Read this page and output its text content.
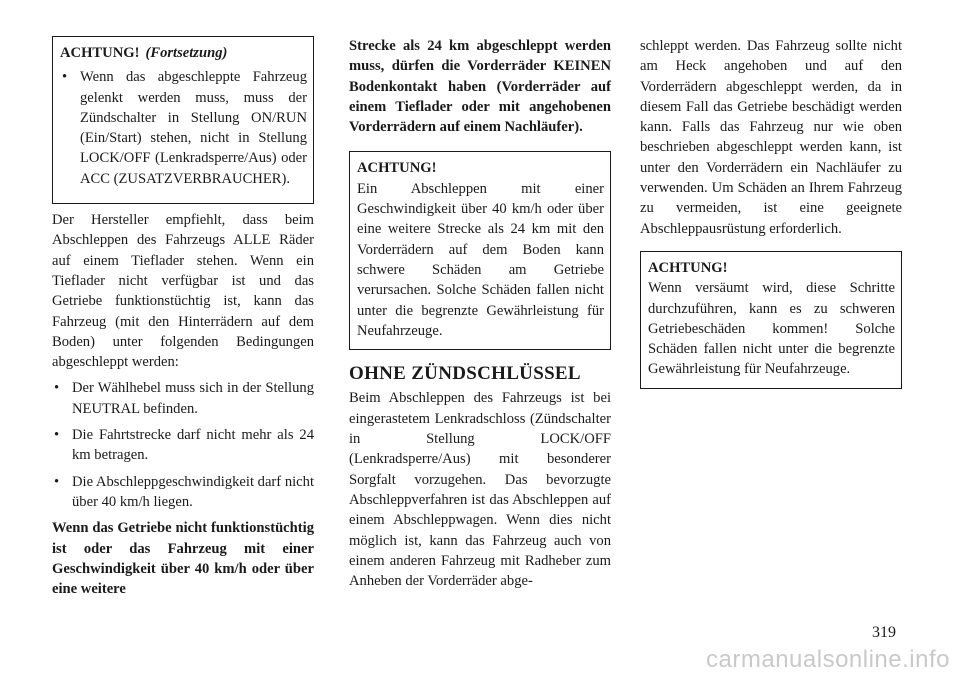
ACHTUNG! (Fortsetzung)
• Wenn das abgeschleppte Fahrzeug gelenkt werden muss, muss der Zündschalter in Stellung ON/RUN (Ein/Start) stehen, nicht in Stellung LOCK/OFF (Lenkradsperre/Aus) oder ACC (ZUSATZVERBRAUCHER).

Der Hersteller empfiehlt, dass beim Abschleppen des Fahrzeugs ALLE Räder auf einem Tieflader stehen. Wenn ein Tieflader nicht verfügbar ist und das Getriebe funktionstüchtig ist, kann das Fahrzeug (mit den Hinterrädern auf dem Boden) unter folgenden Bedingungen abgeschleppt werden:

• Der Wählhebel muss sich in der Stellung NEUTRAL befinden.
• Die Fahrtstrecke darf nicht mehr als 24 km betragen.
• Die Abschleppgeschwindigkeit darf nicht über 40 km/h liegen.

Wenn das Getriebe nicht funktionstüchtig ist oder das Fahrzeug mit einer Geschwindigkeit über 40 km/h oder über eine weitere

Strecke als 24 km abgeschleppt werden muss, dürfen die Vorderräder KEINEN Bodenkontakt haben (Vorderräder auf einem Tieflader oder mit angehobenen Vorderrädern auf einem Nachläufer).

ACHTUNG!
Ein Abschleppen mit einer Geschwindigkeit über 40 km/h oder über eine weitere Strecke als 24 km mit den Vorderrädern auf dem Boden kann schwere Schäden am Getriebe verursachen. Solche Schäden fallen nicht unter die begrenzte Gewährleistung für Neufahrzeuge.
OHNE ZÜNDSCHLÜSSEL

Beim Abschleppen des Fahrzeugs ist bei eingerastetem Lenkradschloss (Zündschalter in Stellung LOCK/OFF (Lenkradsperre/Aus) mit besonderer Sorgfalt vorzugehen. Das bevorzugte Abschleppverfahren ist das Abschleppen auf einem Abschleppwagen. Wenn dies nicht möglich ist, kann das Fahrzeug auch von einem anderen Fahrzeug mit Radheber zum Anheben der Vorderräder abge-

schleppt werden. Das Fahrzeug sollte nicht am Heck angehoben und auf den Vorderrädern abgeschleppt werden, da in diesem Fall das Getriebe beschädigt werden kann. Falls das Fahrzeug nur wie oben beschrieben abgeschleppt werden kann, ist unter den Vorderrädern ein Nachläufer zu verwenden. Um Schäden an Ihrem Fahrzeug zu vermeiden, ist eine geeignete Abschleppausrüstung erforderlich.

ACHTUNG!
Wenn versäumt wird, diese Schritte durchzuführen, kann es zu schweren Getriebeschäden kommen! Solche Schäden fallen nicht unter die begrenzte Gewährleistung für Neufahrzeuge.
319
carmanualsonline.info
